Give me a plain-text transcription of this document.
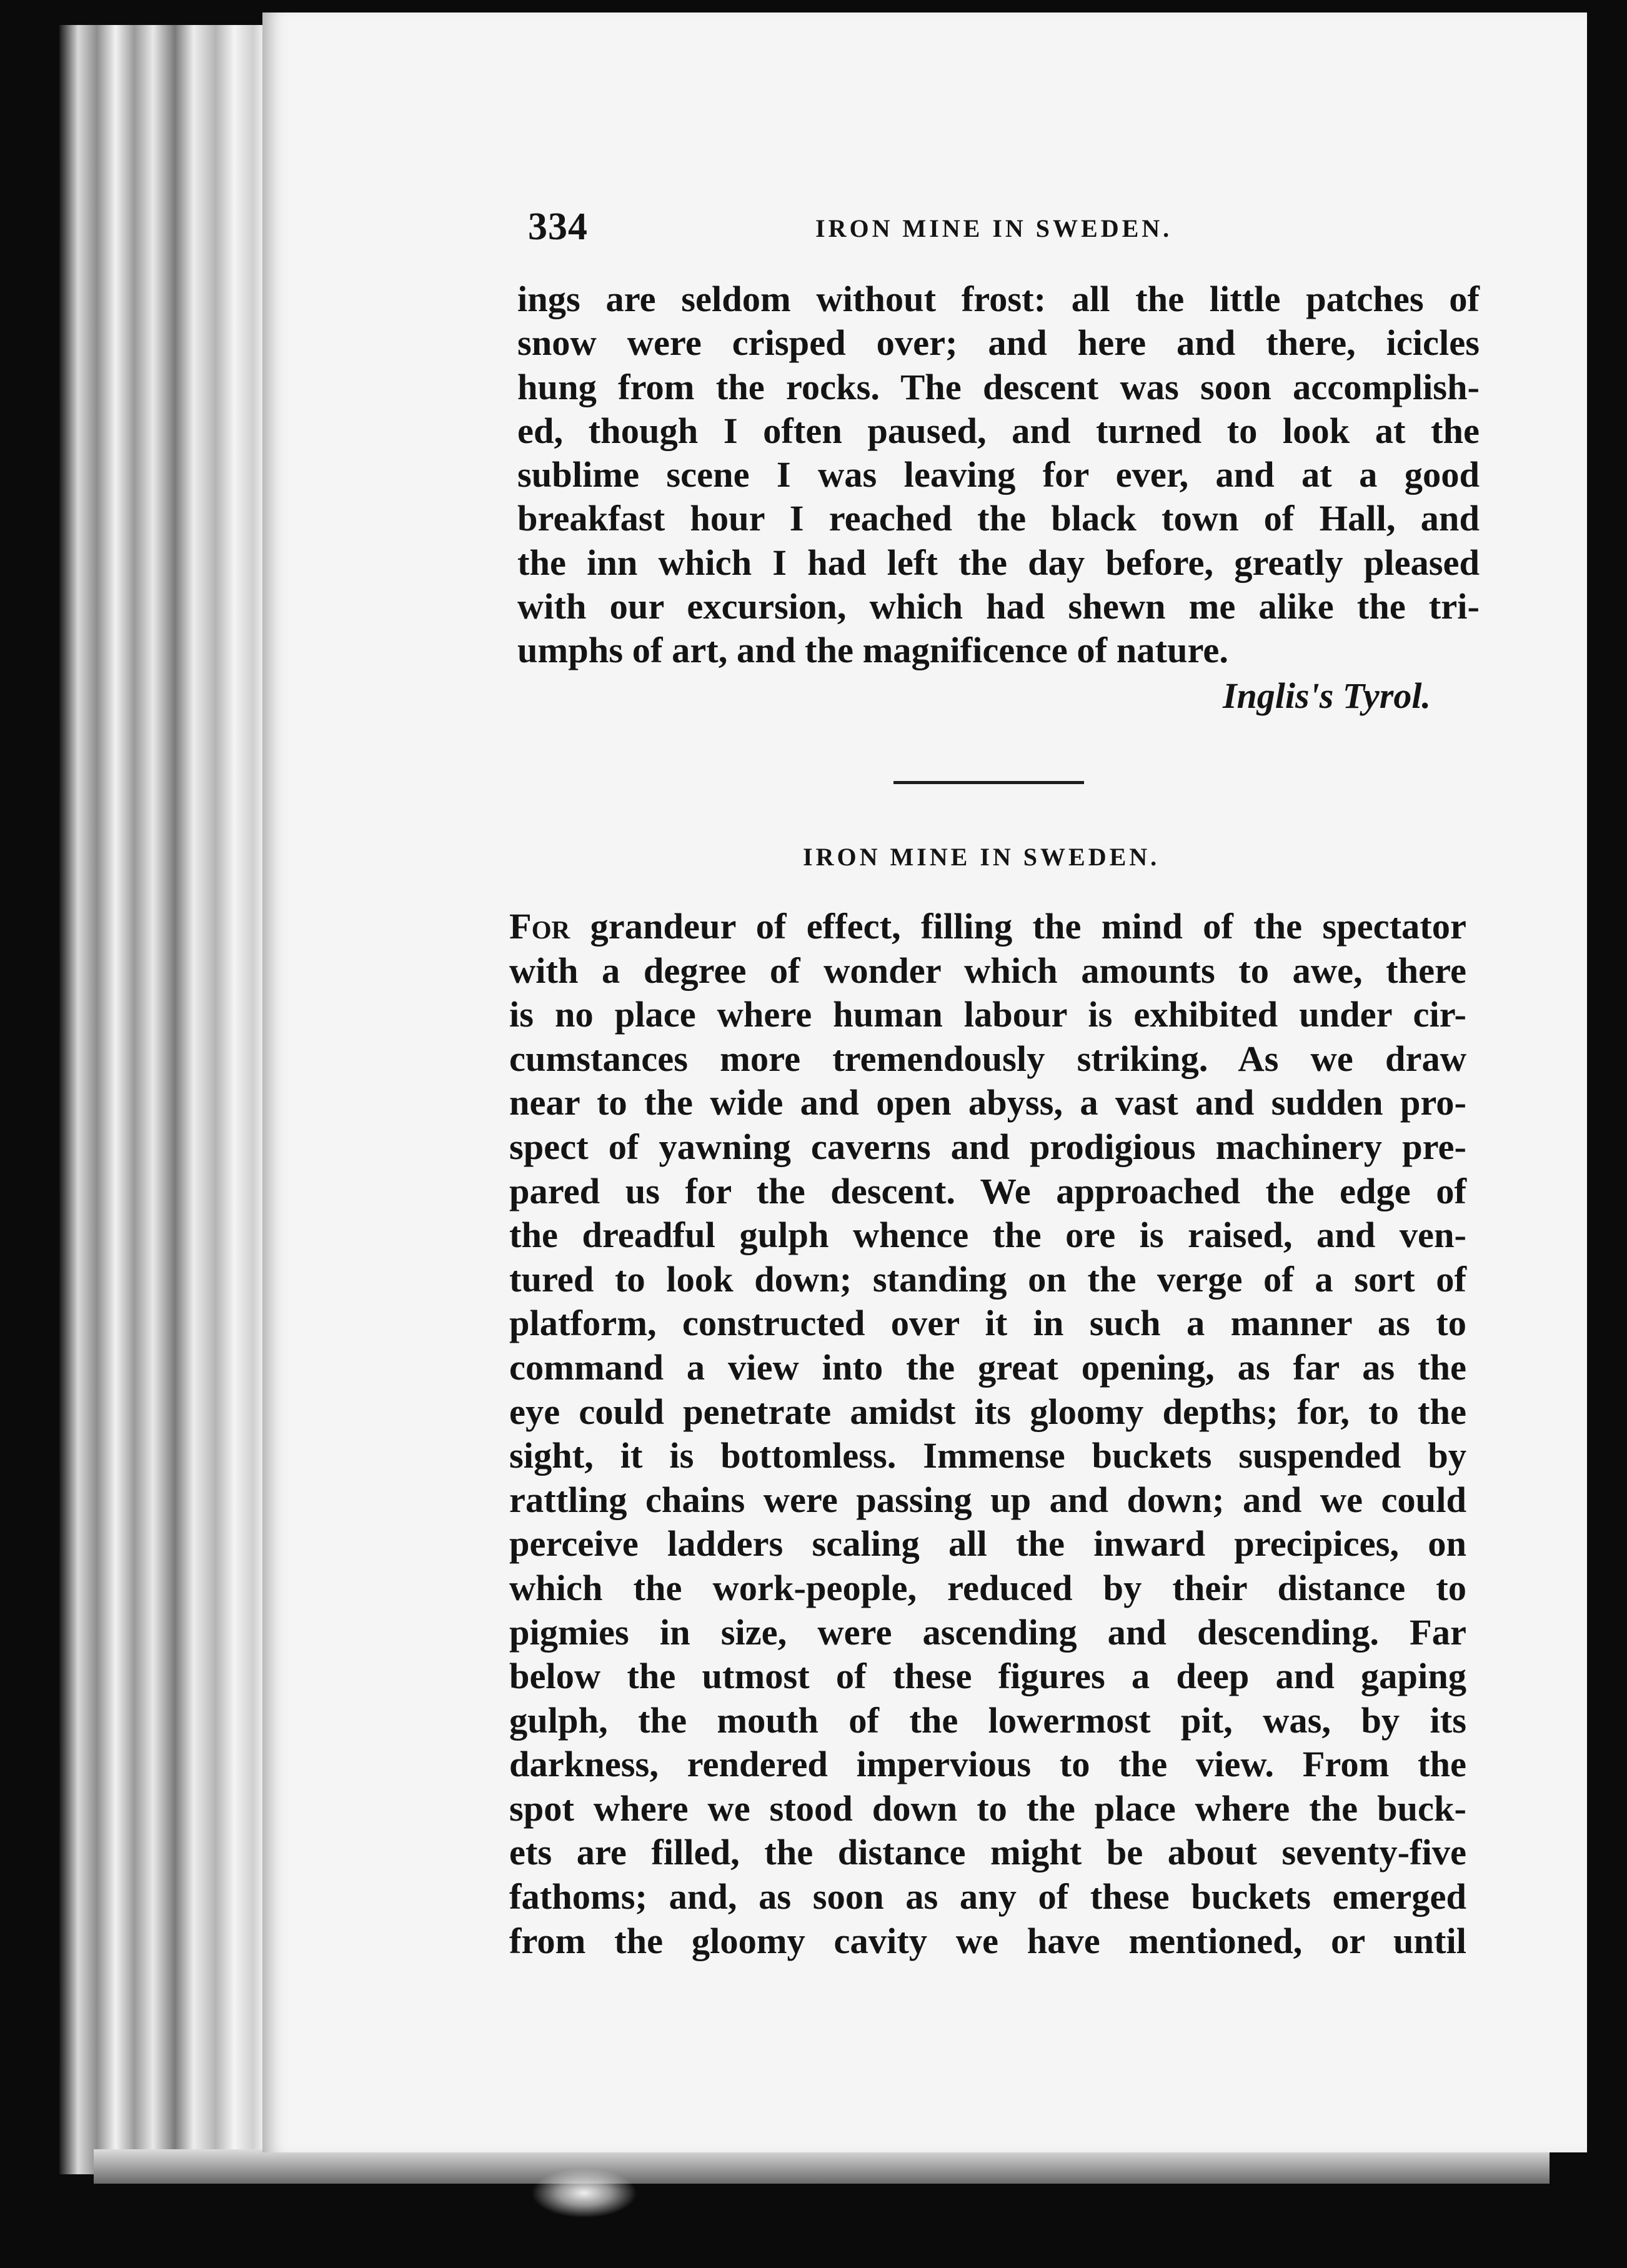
334	IRON MINE IN SWEDEN.
ings are seldom without frost: all the little patches of
snow were crisped over; and here and there, icicles
hung from the rocks. The descent was soon accomplish-
ed, though I often paused, and turned to look at the
sublime scene I was leaving for ever, and at a good
breakfast hour I reached the black town of Hall, and
the inn which I had left the day before, greatly pleased
with our excursion, which had shewn me alike the tri-
umphs of art, and the magnificence of nature.
Inglis's Tyrol.
IRON MINE IN SWEDEN.
For grandeur of effect, filling the mind of the spectator
with a degree of wonder which amounts to awe, there
is no place where human labour is exhibited under cir-
cumstances more tremendously striking. As we draw
near to the wide and open abyss, a vast and sudden pro-
spect of yawning caverns and prodigious machinery pre-
pared us for the descent. We approached the edge of
the dreadful gulph whence the ore is raised, and ven-
tured to look down; standing on the verge of a sort of
platform, constructed over it in such a manner as to
command a view into the great opening, as far as the
eye could penetrate amidst its gloomy depths; for, to the
sight, it is bottomless. Immense buckets suspended by
rattling chains were passing up and down; and we could
perceive ladders scaling all the inward precipices, on
which the work-people, reduced by their distance to
pigmies in size, were ascending and descending. Far
below the utmost of these figures a deep and gaping
gulph, the mouth of the lowermost pit, was, by its
darkness, rendered impervious to the view. From the
spot where we stood down to the place where the buck-
ets are filled, the distance might be about seventy-five
fathoms; and, as soon as any of these buckets emerged
from the gloomy cavity we have mentioned, or until
